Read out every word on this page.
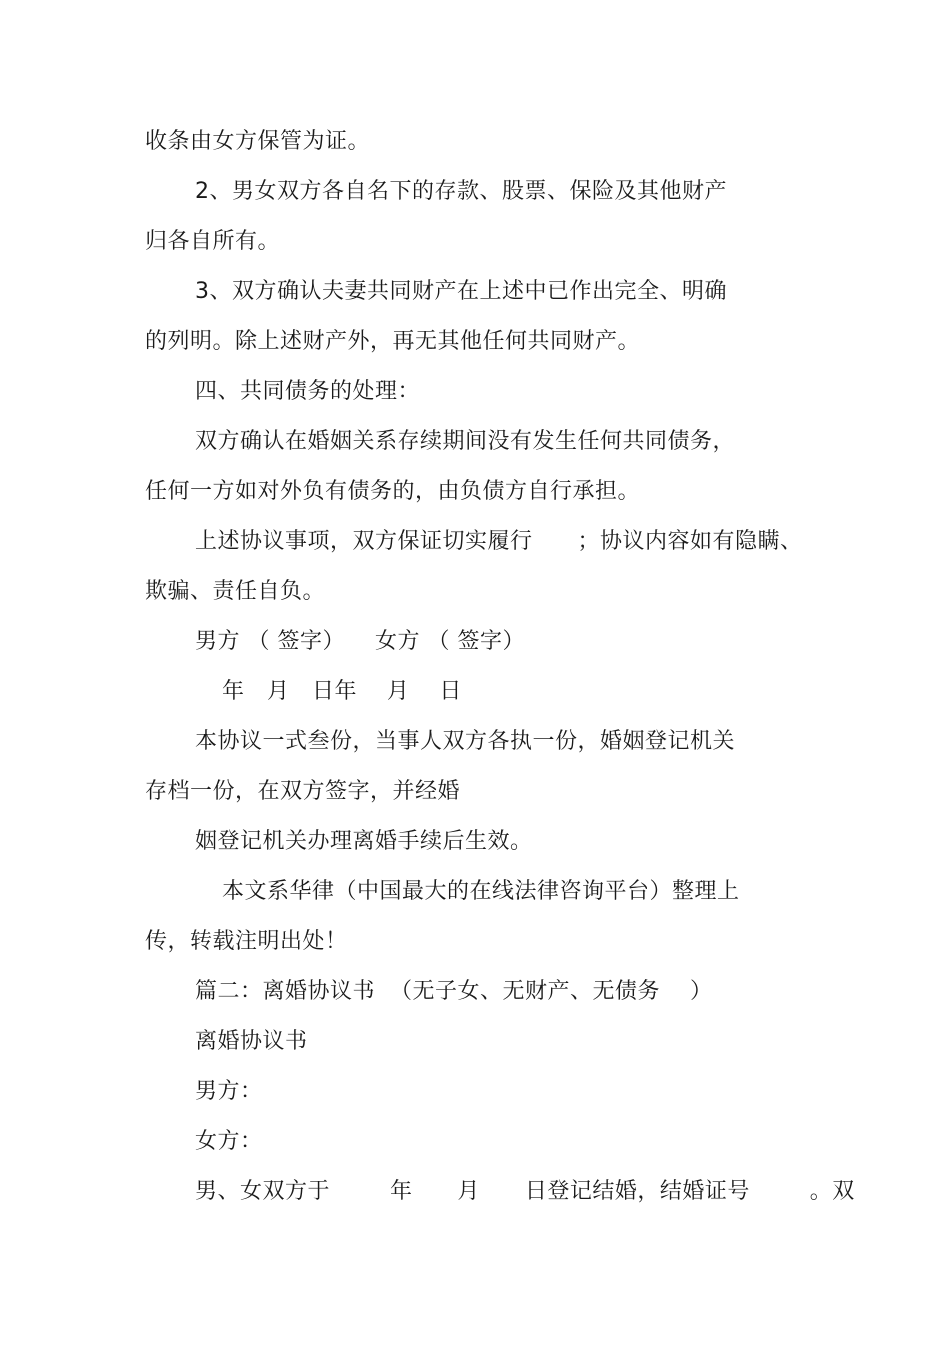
收条由女方保管为证。
2、男女双方各自名下的存款、股票、保险及其他财产
归各自所有。
3、双方确认夫妻共同财产在上述中已作出完全、明确
的列明。除上述财产外，再无其他任何共同财产。
四、共同债务的处理：
双方确认在婚姻关系存续期间没有发生任何共同债务，
任何一方如对外负有债务的，由负债方自行承担。
上述协议事项，双方保证切实履行      ；协议内容如有隐瞒、
欺骗、责任自负。
男方 （ 签字）    女方 （ 签字）
年   月   日年    月    日
本协议一式叁份，当事人双方各执一份，婚姻登记机关
存档一份，在双方签字，并经婚
姻登记机关办理离婚手续后生效。
本文系华律（中国最大的在线法律咨询平台）整理上
传，转载注明出处！
篇二：离婚协议书  （无子女、无财产、无债务    ）
离婚协议书
男方：
女方：
男、女双方于        年      月      日登记结婚，结婚证号        。双
